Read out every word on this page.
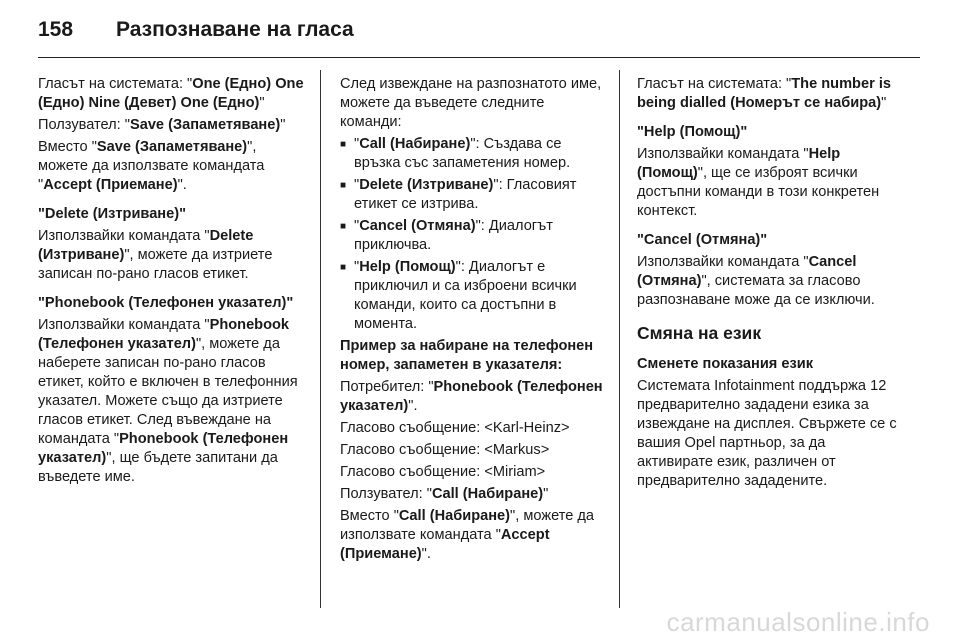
158	Разпознаване на гласа

Гласът на системата: "One (Едно) One (Едно) Nine (Девет) One (Едно)"

Ползувател: "Save (Запаметяване)"

Вместо "Save (Запаметяване)", можете да използвате командата "Accept (Приемане)".

"Delete (Изтриване)"

Използвайки командата "Delete (Изтриване)", можете да изтриете записан по-рано гласов етикет.

"Phonebook (Телефонен указател)"

Използвайки командата "Phonebook (Телефонен указател)", можете да наберете записан по-рано гласов етикет, който е включен в телефонния указател. Можете също да изтриете гласов етикет. След въвеждане на командата "Phonebook (Телефонен указател)", ще бъдете запитани да въведете име.

След извеждане на разпознатото име, можете да въведете следните команди:

■ "Call (Набиране)": Създава се връзка със запаметения номер.
■ "Delete (Изтриване)": Гласовият етикет се изтрива.
■ "Cancel (Отмяна)": Диалогът приключва.
■ "Help (Помощ)": Диалогът е приключил и са изброени всички команди, които са достъпни в момента.

Пример за набиране на телефонен номер, запаметен в указателя:

Потребител: "Phonebook (Телефонен указател)".

Гласово съобщение: <Karl-Heinz>

Гласово съобщение: <Markus>

Гласово съобщение: <Miriam>

Ползувател: "Call (Набиране)"

Вместо "Call (Набиране)", можете да използвате командата "Accept (Приемане)".

Гласът на системата: "The number is being dialled (Номерът се набира)"

"Help (Помощ)"

Използвайки командата "Help (Помощ)", ще се изброят всички достъпни команди в този конкретен контекст.

"Cancel (Отмяна)"

Използвайки командата "Cancel (Отмяна)", системата за гласово разпознаване може да се изключи.

Смяна на език

Сменете показания език

Системата Infotainment поддържа 12 предварително зададени езика за извеждане на дисплея. Свържете се с вашия Opel партньор, за да активирате език, различен от предварително зададените.

carmanualsonline.info
